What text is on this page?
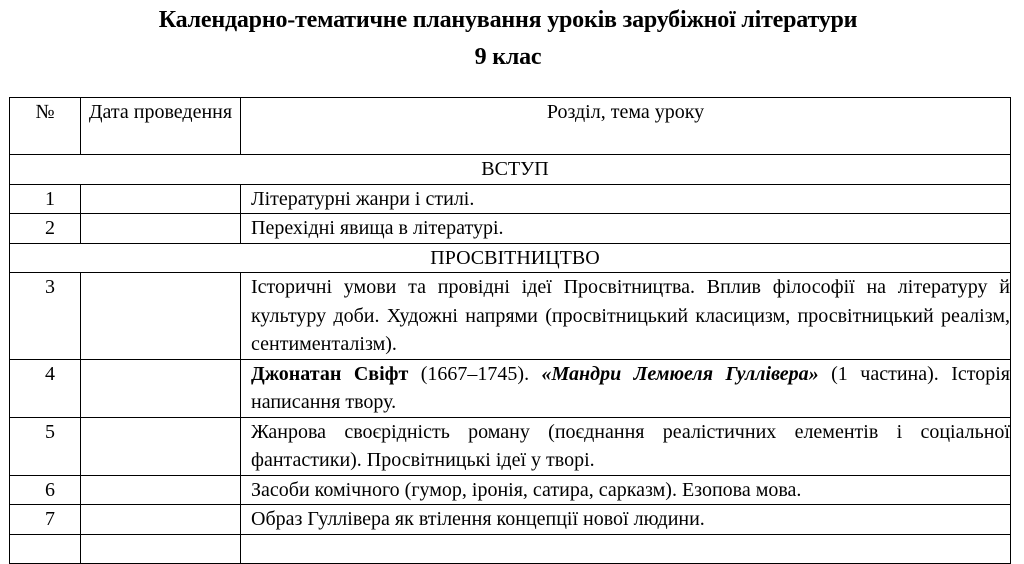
Календарно-тематичне планування уроків зарубіжної літератури
9 клас
№	Дата проведення	Розділ, тема уроку
ВСТУП		
1		Літературні жанри і стилі.
2		Перехідні явища в літературі.
ПРОСВІТНИЦТВО		
3		Історичні умови та провідні ідеї Просвітництва. Вплив філософії на літературу й культуру доби. Художні напрями (просвітницький класицизм, просвітницький реалізм, сентименталізм).
4		Джонатан Свіфт (1667–1745). «Мандри Лемюеля Гуллівера» (1 частина). Історія написання твору.
5		Жанрова своєрідність роману (поєднання реалістичних елементів і соціальної фантастики). Просвітницькі ідеї у творі.
6		Засоби комічного (гумор, іронія, сатира, сарказм). Езопова мова.
7		Образ Гуллівера як втілення концепції нової людини.
